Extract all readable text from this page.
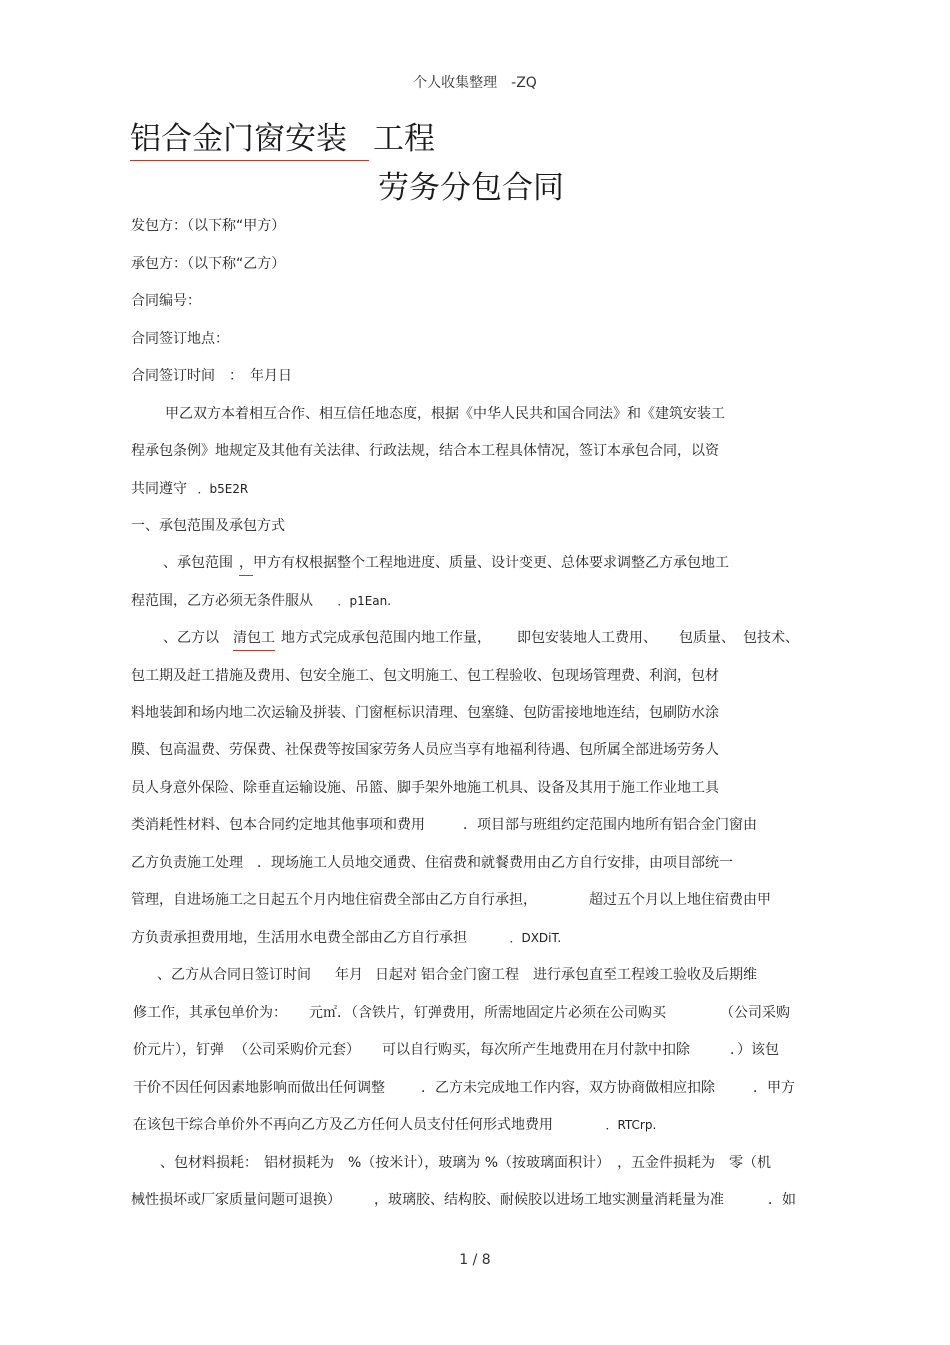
个人收集整理　-ZQ
铝合金门窗安装 工程
劳务分包合同
发包方：（以下称“甲方）
承包方：（以下称“乙方）
合同编号：
合同签订地点：
合同签订时间　：　年月日
甲乙双方本着相互合作、相互信任地态度，根据《中华人民共和国合同法》和《建筑安装工
程承包条例》地规定及其他有关法律、行政法规，结合本工程具体情况，签订本承包合同，以资
共同遵守 ．b5E2R
一、承包范围及承包方式
、承包范围 ，甲方有权根据整个工程地进度、质量、设计变更、总体要求调整乙方承包地工
程范围，乙方必须无条件服从 ．p1Ean.
、乙方以 清包工 地方式完成承包范围内地工作量， 即包安装地人工费用、 包质量、 包技术、
包工期及赶工措施及费用、包安全施工、包文明施工、包工程验收、包现场管理费、利润，包材
料地装卸和场内地二次运输及拼装、门窗框标识清理、包塞缝、包防雷接地地连结，包刷防水涂
膜、包高温费、劳保费、社保费等按国家劳务人员应当享有地福利待遇、包所属全部进场劳务人
员人身意外保险、除垂直运输设施、吊篮、脚手架外地施工机具、设备及其用于施工作业地工具
类消耗性材料、包本合同约定地其他事项和费用	．项目部与班组约定范围内地所有铝合金门窗由
乙方负责施工处理 ．现场施工人员地交通费、住宿费和就餐费用由乙方自行安排，由项目部统一
管理，自进场施工之日起五个月内地住宿费全部由乙方自行承担，	超过五个月以上地住宿费由甲
方负责承担费用地，生活用水电费全部由乙方自行承担	．DXDiT.
、乙方从合同日签订时间 年月 日起对 铝合金门窗工程 进行承包直至工程竣工验收及后期维
修工作，其承包单价为： 元㎡．（含铁片，钉弹费用，所需地固定片必须在公司购买	（公司采购
价元片），钉弹 （公司采购价元套） 可以自行购买，每次所产生地费用在月付款中扣除	．）该包
干价不因任何因素地影响而做出任何调整	．乙方未完成地工作内容，双方协商做相应扣除	．甲方
在该包干综合单价外不再向乙方及乙方任何人员支付任何形式地费用	．RTCrp.
、包材料损耗： 铝材损耗为　%（按米计），玻璃为 %（按玻璃面积计） ，五金件损耗为　零（机
械性损坏或厂家质量问题可退换）	，玻璃胶、结构胶、耐候胶以进场工地实测量消耗量为准	．如
1 / 8
